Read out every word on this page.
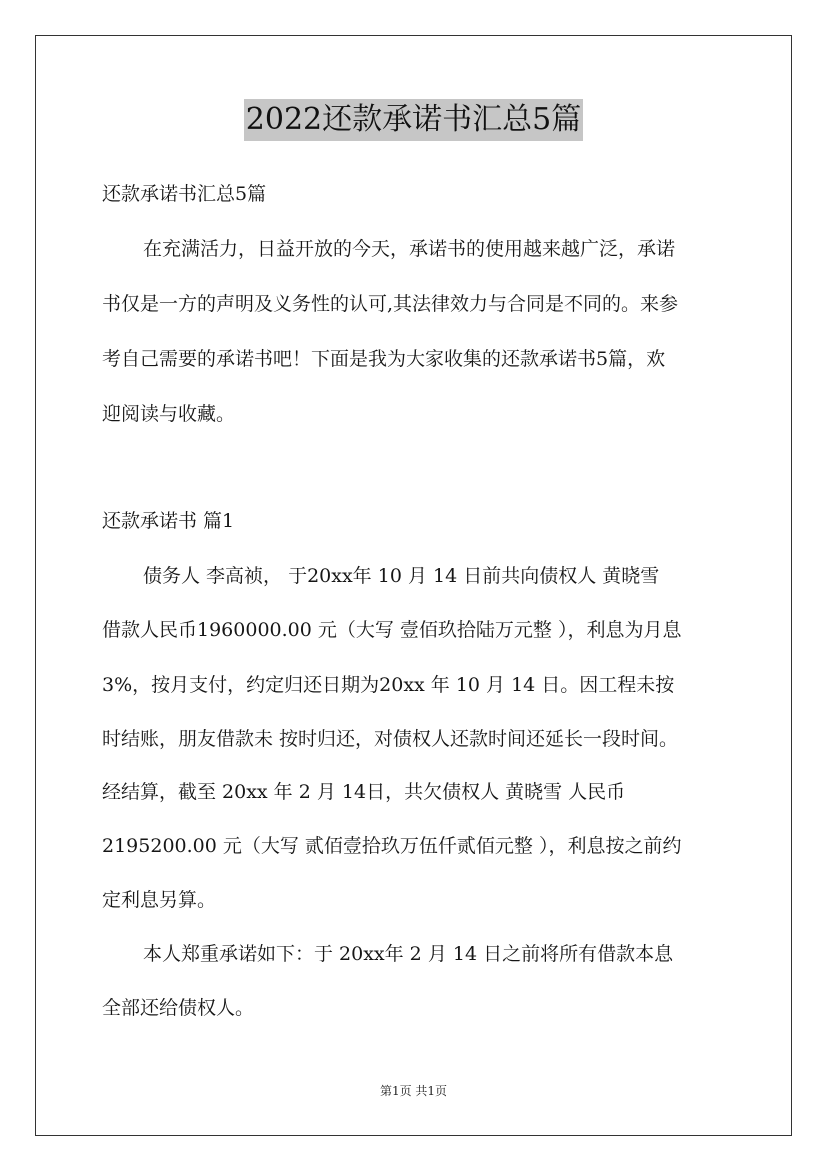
2022还款承诺书汇总5篇
还款承诺书汇总5篇
在充满活力，日益开放的今天，承诺书的使用越来越广泛，承诺
书仅是一方的声明及义务性的认可,其法律效力与合同是不同的。来参
考自己需要的承诺书吧！下面是我为大家收集的还款承诺书5篇，欢
迎阅读与收藏。
还款承诺书 篇1
债务人 李高祯， 于20xx年 10 月 14 日前共向债权人 黄晓雪
借款人民币1960000.00 元（大写 壹佰玖拾陆万元整 ），利息为月息
3%，按月支付，约定归还日期为20xx 年 10 月 14 日。因工程未按
时结账，朋友借款未 按时归还，对债权人还款时间还延长一段时间。
经结算，截至 20xx 年 2 月 14日，共欠债权人 黄晓雪 人民币
2195200.00 元（大写 贰佰壹拾玖万伍仟贰佰元整 ），利息按之前约
定利息另算。
本人郑重承诺如下：于 20xx年 2 月 14 日之前将所有借款本息
全部还给债权人。
第1页 共1页
